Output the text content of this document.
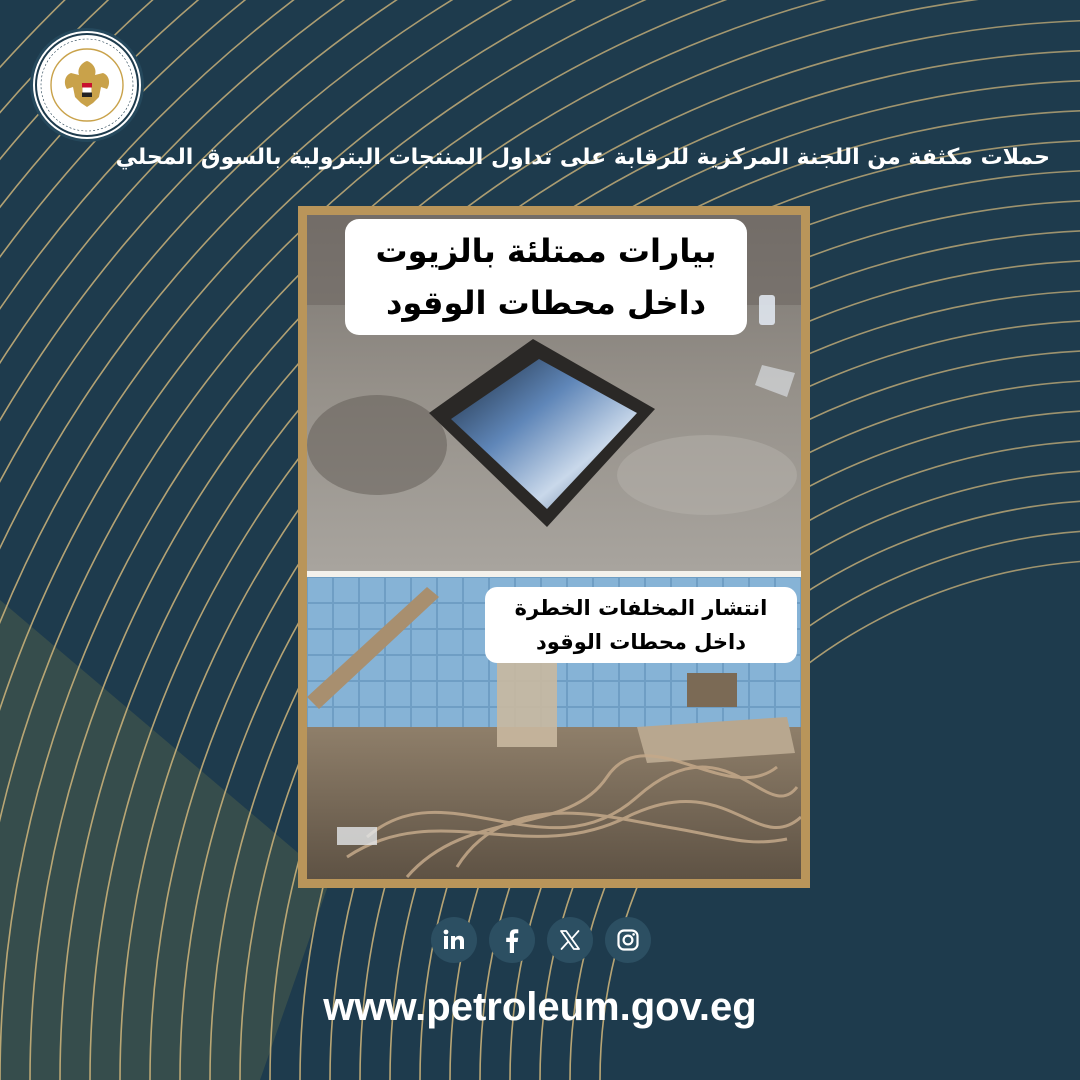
حملات مكثفة من اللجنة المركزية للرقابة على تداول المنتجات البترولية بالسوق المحلي
بيارات ممتلئة بالزيوت
داخل محطات الوقود
انتشار المخلفات الخطرة
داخل محطات الوقود
www.petroleum.gov.eg
